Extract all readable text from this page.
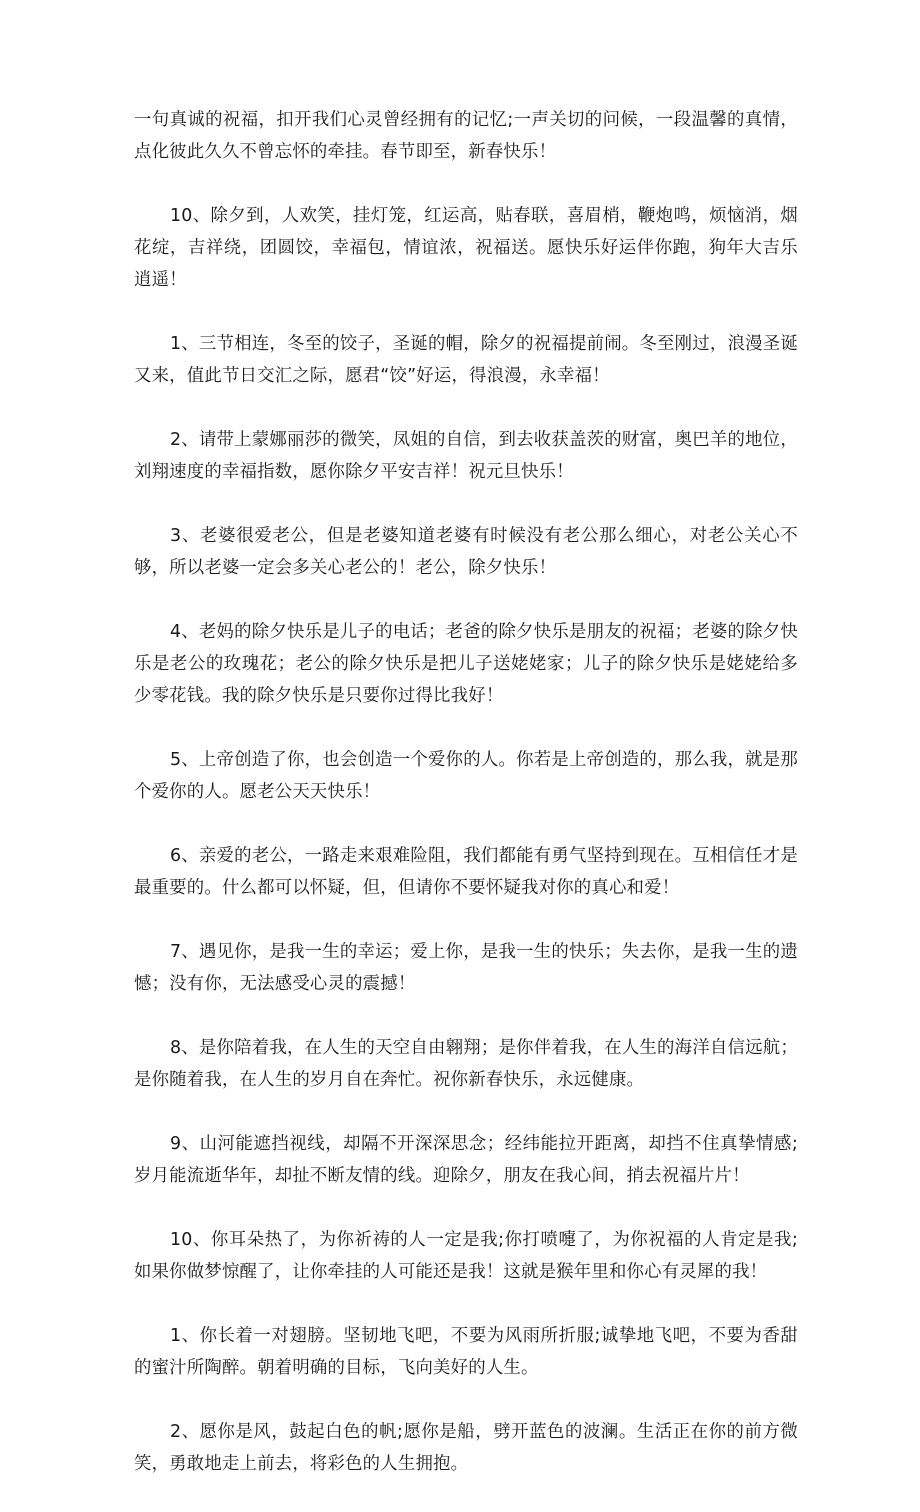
一句真诚的祝福，扣开我们心灵曾经拥有的记忆;一声关切的问候，一段温馨的真情，点化彼此久久不曾忘怀的牵挂。春节即至，新春快乐！

10、除夕到，人欢笑，挂灯笼，红运高，贴春联，喜眉梢，鞭炮鸣，烦恼消，烟花绽，吉祥绕，团圆饺，幸福包，情谊浓，祝福送。愿快乐好运伴你跑，狗年大吉乐逍遥！

1、三节相连，冬至的饺子，圣诞的帽，除夕的祝福提前闹。冬至刚过，浪漫圣诞又来，值此节日交汇之际，愿君“饺”好运，得浪漫，永幸福！

2、请带上蒙娜丽莎的微笑，凤姐的自信，到去收获盖茨的财富，奥巴羊的地位，刘翔速度的幸福指数，愿你除夕平安吉祥！祝元旦快乐！

3、老婆很爱老公，但是老婆知道老婆有时候没有老公那么细心，对老公关心不够，所以老婆一定会多关心老公的！老公，除夕快乐！

4、老妈的除夕快乐是儿子的电话；老爸的除夕快乐是朋友的祝福；老婆的除夕快乐是老公的玫瑰花；老公的除夕快乐是把儿子送姥姥家；儿子的除夕快乐是姥姥给多少零花钱。我的除夕快乐是只要你过得比我好！

5、上帝创造了你，也会创造一个爱你的人。你若是上帝创造的，那么我，就是那个爱你的人。愿老公天天快乐！

6、亲爱的老公，一路走来艰难险阻，我们都能有勇气坚持到现在。互相信任才是最重要的。什么都可以怀疑，但，但请你不要怀疑我对你的真心和爱！

7、遇见你，是我一生的幸运；爱上你，是我一生的快乐；失去你，是我一生的遗憾；没有你，无法感受心灵的震撼！

8、是你陪着我，在人生的天空自由翱翔；是你伴着我，在人生的海洋自信远航；是你随着我，在人生的岁月自在奔忙。祝你新春快乐，永远健康。

9、山河能遮挡视线，却隔不开深深思念；经纬能拉开距离，却挡不住真挚情感;岁月能流逝华年，却扯不断友情的线。迎除夕，朋友在我心间，捎去祝福片片！

10、你耳朵热了，为你祈祷的人一定是我;你打喷嚏了，为你祝福的人肯定是我;如果你做梦惊醒了，让你牵挂的人可能还是我！这就是猴年里和你心有灵犀的我！

1、你长着一对翅膀。坚韧地飞吧，不要为风雨所折服;诚挚地飞吧，不要为香甜的蜜汁所陶醉。朝着明确的目标，飞向美好的人生。

2、愿你是风，鼓起白色的帆;愿你是船，劈开蓝色的波澜。生活正在你的前方微笑，勇敢地走上前去，将彩色的人生拥抱。
